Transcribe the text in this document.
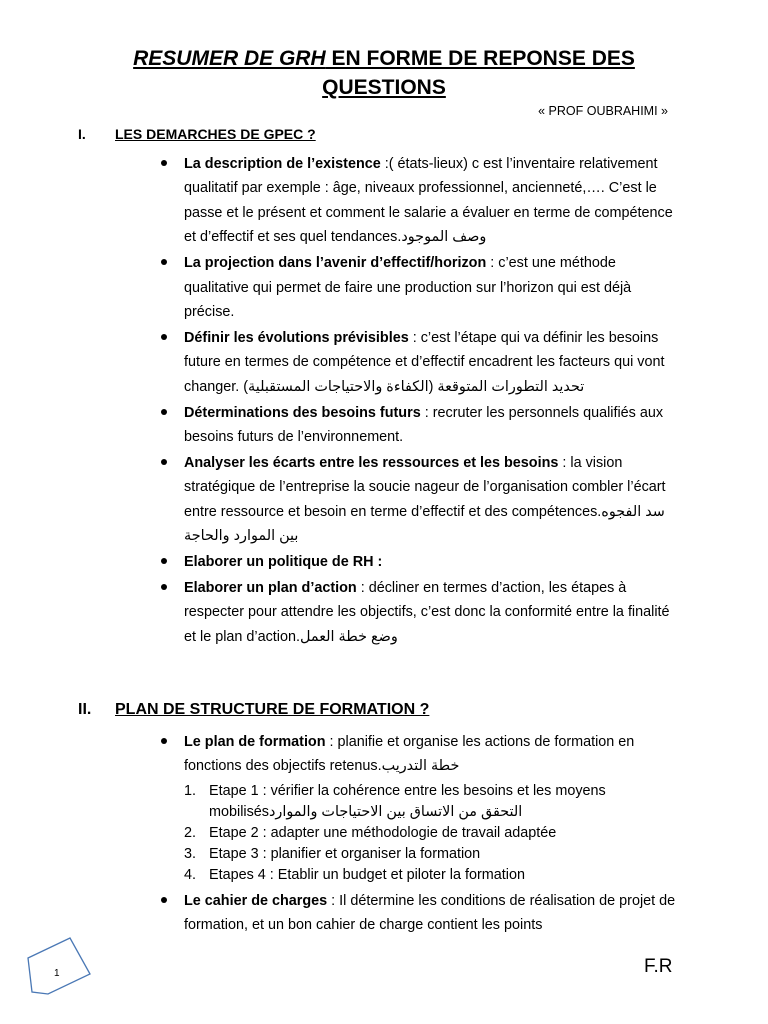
RESUMER DE GRH EN FORME DE REPONSE DES
QUESTIONS
« PROF OUBRAHIMI »
I. LES DEMARCHES DE GPEC ?
La description de l’existence :( états-lieux) c est l’inventaire relativement qualitatif par exemple : âge, niveaux professionnel, ancienneté,…. C’est le passe et le présent et comment le salarie a évaluer en terme de compétence et d’effectif et ses quel tendances.وصف الموجود
La projection dans l’avenir d’effectif/horizon : c’est une méthode qualitative qui permet de faire une production sur l’horizon qui est déjà précise.
Définir les évolutions prévisibles : c’est l’étape qui va définir les besoins future en termes de compétence et d’effectif encadrent les facteurs qui vont changer. تحديد التطورات المتوقعة (الكفاءة والاحتياجات المستقبلية)
Déterminations des besoins futurs : recruter les personnels qualifiés aux besoins futurs de l’environnement.
Analyser les écarts entre les ressources et les besoins : la vision stratégique de l’entreprise la soucie nageur de l’organisation combler l’écart entre ressource et besoin en terme d’effectif et des compétences.سد الفجوه بين الموارد والحاجة
Elaborer un politique de RH :
Elaborer un plan d’action : décliner en termes d’action, les étapes à respecter pour attendre les objectifs, c’est donc la conformité entre la finalité et le plan d’action.وضع خطة العمل
II. PLAN DE STRUCTURE DE FORMATION ?
Le plan de formation : planifie et organise les actions de formation en fonctions des objectifs retenus.خطة التدريب
1. Etape 1 : vérifier la cohérence entre les besoins et les moyens mobilisésالتحقق من الاتساق بين الاحتياجات والموارد
2. Etape 2 : adapter une méthodologie de travail adaptée
3. Etape 3 : planifier et organiser la formation
4. Etapes 4 : Etablir un budget et piloter la formation
Le cahier de charges : Il détermine les conditions de réalisation de projet de formation, et un bon cahier de charge contient les points
1	F.R
